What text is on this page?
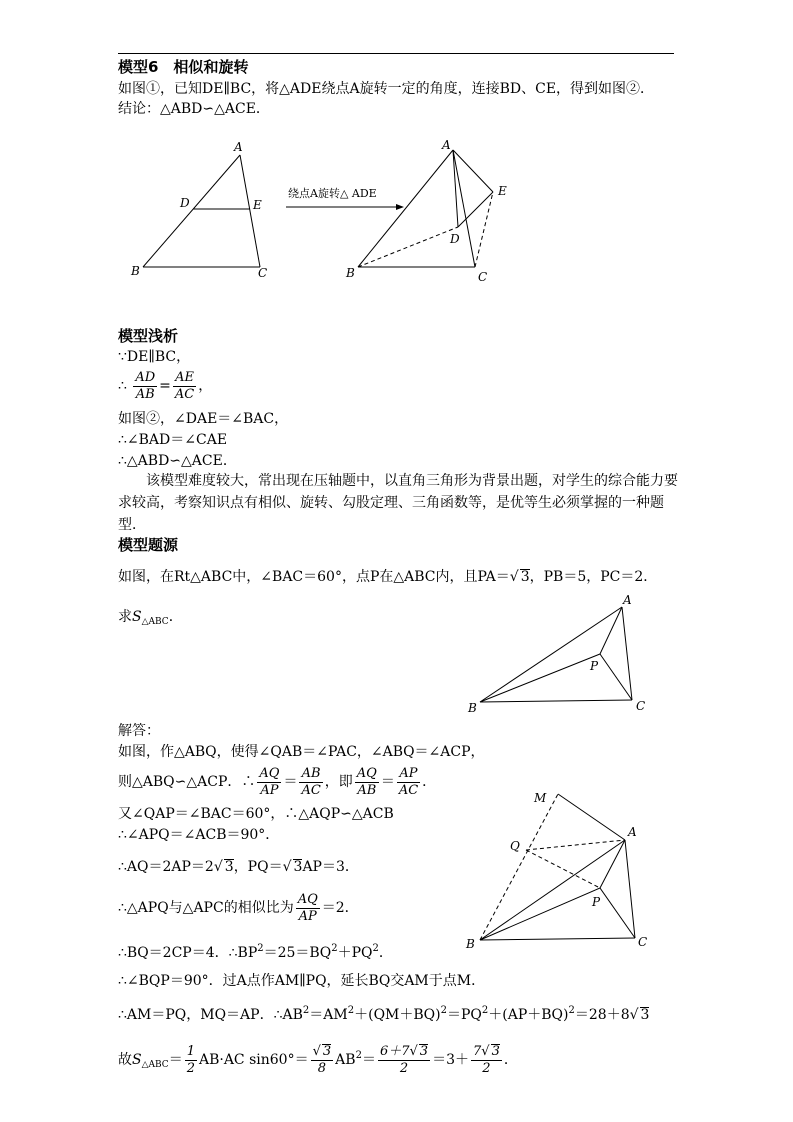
模型6　相似和旋转
如图①，已知DE∥BC，将△ADE绕点A旋转一定的角度，连接BD、CE，得到如图②．
结论：△ABD∽△ACE．
A
B	C
D	E
绕点A旋转△ ADE
A
B	C
D
E
模型浅析
∵DE∥BC，
∴ $\frac{AD}{AB} = \frac{AE}{AC}$ ，
如图②，∠DAE＝∠BAC，
∴∠BAD＝∠CAE
∴△ABD∽△ACE．
该模型难度较大，常出现在压轴题中，以直角三角形为背景出题，对学生的综合能力要求较高，考察知识点有相似、旋转、勾股定理、三角函数等，是优等生必须掌握的一种题型．
模型题源
如图，在Rt△ABC中，∠BAC＝60°，点P在△ABC内，且PA＝√ 3，PB＝5，PC＝2．
求$S_{\triangle ABC}$．
A
B	C
P
解答：
如图，作△ABQ，使得∠QAB＝∠PAC，∠ABQ＝∠ACP，
则△ABQ∽△ACP．∴ $\frac{AQ}{AP} = \frac{AB}{AC}$ ，即 $\frac{AQ}{AB} = \frac{AP}{AC}$ ．
又∠QAP＝∠BAC＝60°，∴△AQP∽△ACB
∴∠APQ＝∠ACB＝90°．
∴AQ＝2AP＝2√ 3，PQ＝√ 3AP＝3．
∴△APQ与△APC的相似比为 $\frac{AQ}{AP} =2$．
∴BQ＝2CP＝4．$\therefore BP^2=25=BQ^2+PQ^2$．
∴∠BQP＝90°．过A点作AM∥PQ，延长BQ交AM于点M．
∴AM＝PQ，MQ＝AP．$\therefore AB^2=AM^2+(QM+BQ)^2=PQ^2+(AP+BQ)^2=28+8√$ 3
故$S_{\triangle ABC}= \frac{1}{2} AB\cdot AC$ $\sin 60^\circ= \frac{√ 3}{8} AB^2= \frac{6+7√ 3}{2} =3+ \frac{7√ 3}{2}$ ．
A
B	C
P
Q
M
